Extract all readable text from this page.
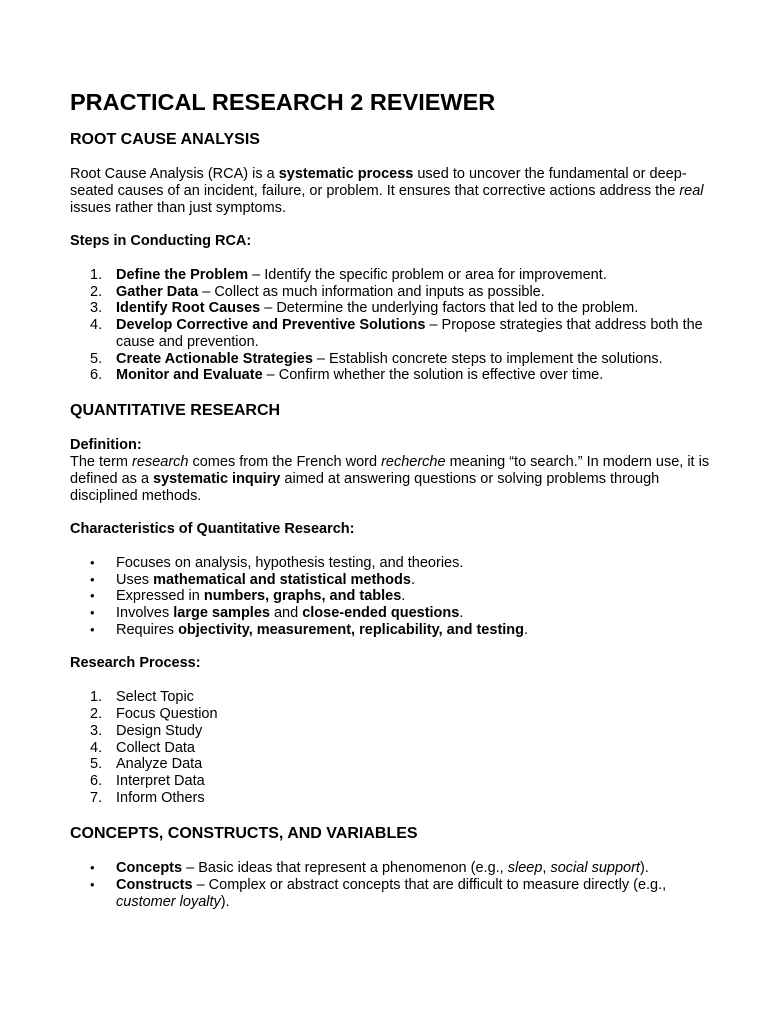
PRACTICAL RESEARCH 2 REVIEWER
ROOT CAUSE ANALYSIS

Root Cause Analysis (RCA) is a systematic process used to uncover the fundamental or deep-seated causes of an incident, failure, or problem. It ensures that corrective actions address the real issues rather than just symptoms.

Steps in Conducting RCA:

1. Define the Problem – Identify the specific problem or area for improvement.
2. Gather Data – Collect as much information and inputs as possible.
3. Identify Root Causes – Determine the underlying factors that led to the problem.
4. Develop Corrective and Preventive Solutions – Propose strategies that address both the cause and prevention.
5. Create Actionable Strategies – Establish concrete steps to implement the solutions.
6. Monitor and Evaluate – Confirm whether the solution is effective over time.
QUANTITATIVE RESEARCH

Definition:

The term research comes from the French word recherche meaning “to search.” In modern use, it is defined as a systematic inquiry aimed at answering questions or solving problems through disciplined methods.

Characteristics of Quantitative Research:

• Focuses on analysis, hypothesis testing, and theories.
• Uses mathematical and statistical methods.
• Expressed in numbers, graphs, and tables.
• Involves large samples and close-ended questions.
• Requires objectivity, measurement, replicability, and testing.

Research Process:

1. Select Topic
2. Focus Question
3. Design Study
4. Collect Data
5. Analyze Data
6. Interpret Data
7. Inform Others
CONCEPTS, CONSTRUCTS, AND VARIABLES
• Concepts – Basic ideas that represent a phenomenon (e.g., sleep, social support).
• Constructs – Complex or abstract concepts that are difficult to measure directly (e.g., customer loyalty).
